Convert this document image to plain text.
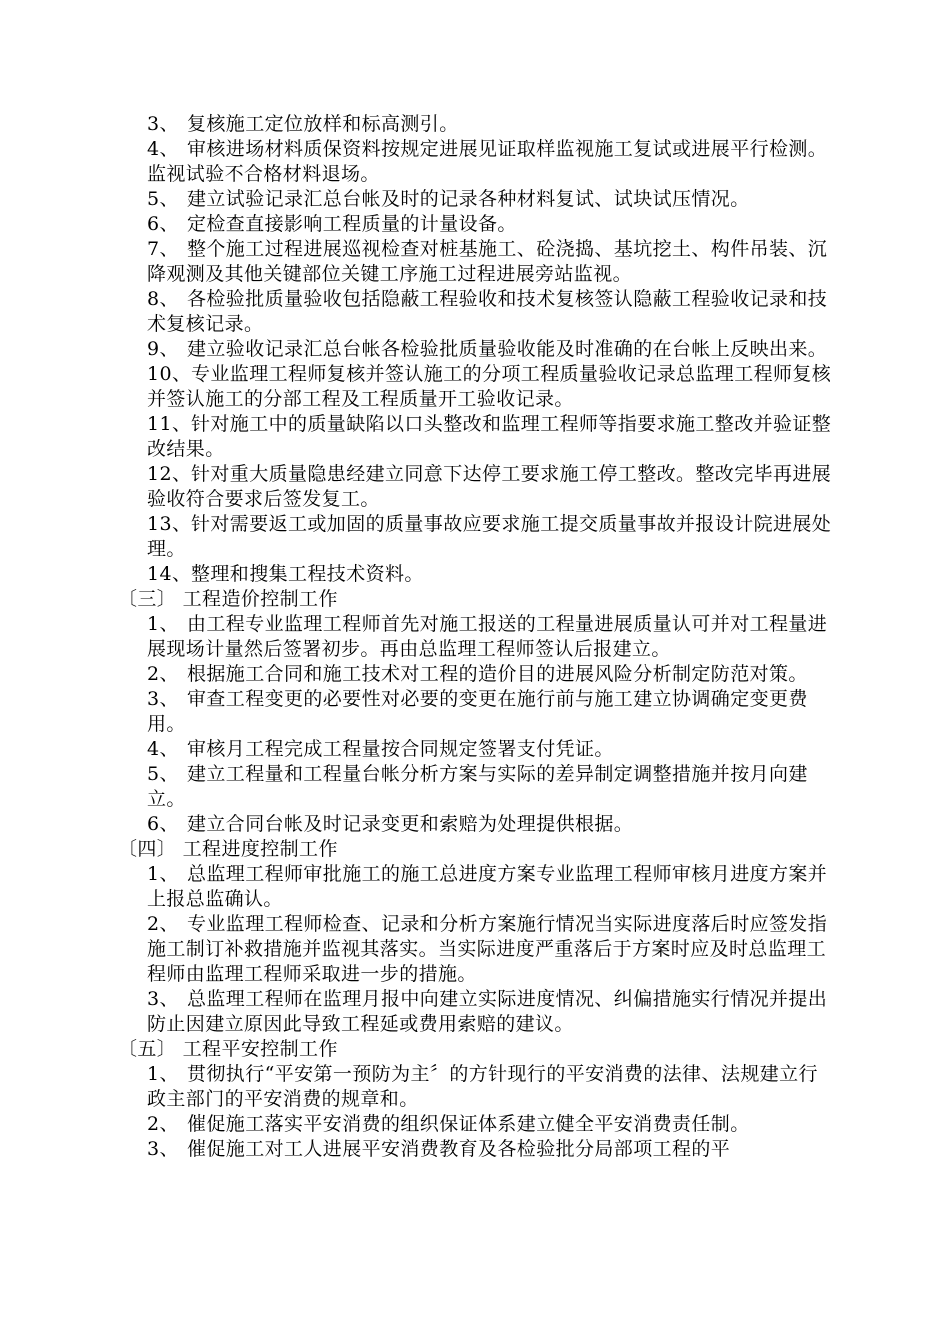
3、 复核施工定位放样和标高测引。

4、 审核进场材料质保资料按规定进展见证取样监视施工复试或进展平行检测。监视试验不合格材料退场。

5、 建立试验记录汇总台帐及时的记录各种材料复试、试块试压情况。

6、 定检查直接影响工程质量的计量设备。

7、 整个施工过程进展巡视检查对桩基施工、砼浇捣、基坑挖土、构件吊装、沉降观测及其他关键部位关键工序施工过程进展旁站监视。

8、 各检验批质量验收包括隐蔽工程验收和技术复核签认隐蔽工程验收记录和技术复核记录。

9、 建立验收记录汇总台帐各检验批质量验收能及时准确的在台帐上反映出来。

10、 专业监理工程师复核并签认施工的分项工程质量验收记录总监理工程师复核并签认施工的分部工程及工程质量开工验收记录。

11、 针对施工中的质量缺陷以口头整改和监理工程师等指要求施工整改并验证整改结果。

12、 针对重大质量隐患经建立同意下达停工要求施工停工整改。整改完毕再进展验收符合要求后签发复工。

13、 针对需要返工或加固的质量事故应要求施工提交质量事故并报设计院进展处理。

14、 整理和搜集工程技术资料。

〔三〕 工程造价控制工作

1、 由工程专业监理工程师首先对施工报送的工程量进展质量认可并对工程量进展现场计量然后签署初步。再由总监理工程师签认后报建立。

2、 根据施工合同和施工技术对工程的造价目的进展风险分析制定防范对策。

3、 审查工程变更的必要性对必要的变更在施行前与施工建立协调确定变更费用。

4、 审核月工程完成工程量按合同规定签署支付凭证。

5、 建立工程量和工程量台帐分析方案与实际的差异制定调整措施并按月向建立。

6、 建立合同台帐及时记录变更和索赔为处理提供根据。

〔四〕 工程进度控制工作

1、 总监理工程师审批施工的施工总进度方案专业监理工程师审核月进度方案并上报总监确认。

2、 专业监理工程师检查、记录和分析方案施行情况当实际进度落后时应签发指施工制订补救措施并监视其落实。当实际进度严重落后于方案时应及时总监理工程师由监理工程师采取进一步的措施。

3、 总监理工程师在监理月报中向建立实际进度情况、纠偏措施实行情况并提出防止因建立原因此导致工程延或费用索赔的建议。

〔五〕 工程平安控制工作

1、 贯彻执行“平安第一预防为主〞的方针现行的平安消费的法律、法规建立行政主部门的平安消费的规章和。

2、 催促施工落实平安消费的组织保证体系建立健全平安消费责任制。

3、 催促施工对工人进展平安消费教育及各检验批分局部项工程的平
